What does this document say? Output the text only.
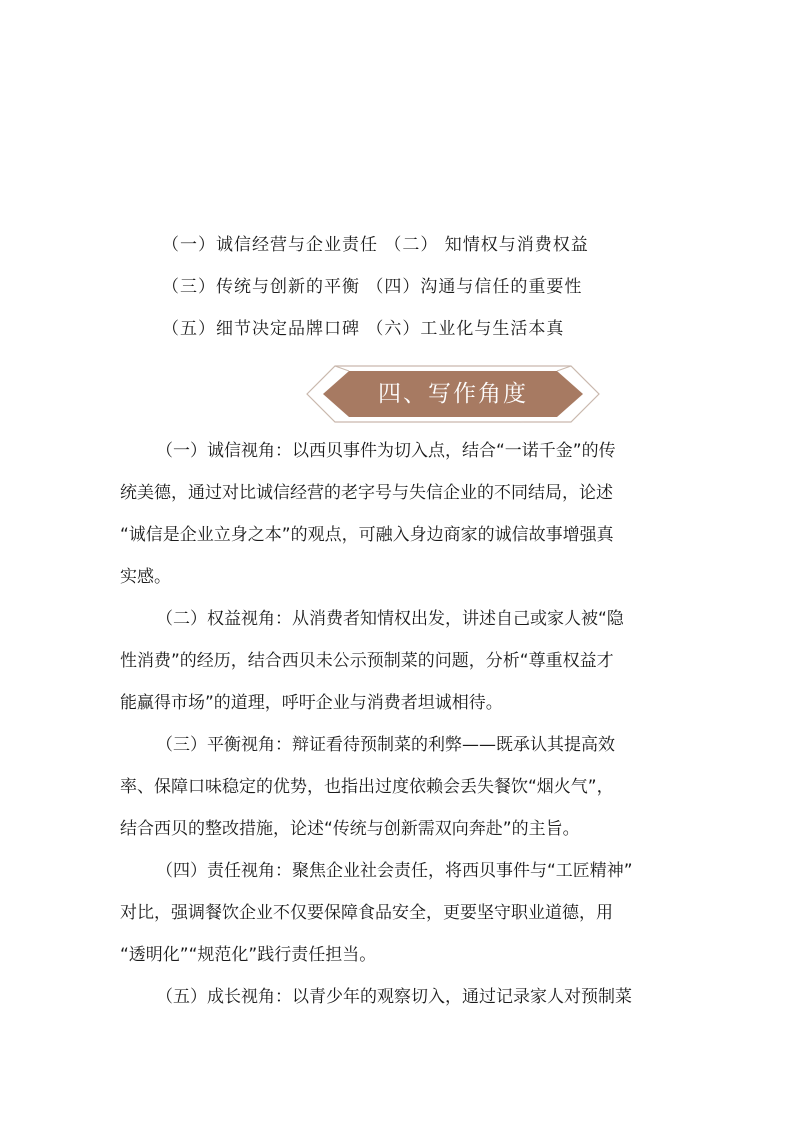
（一）诚信经营与企业责任 （二） 知情权与消费权益
（三）传统与创新的平衡 （四）沟通与信任的重要性
（五）细节决定品牌口碑 （六）工业化与生活本真
四、写作角度
（一）诚信视角：以西贝事件为切入点，结合“一诺千金”的传
统美德，通过对比诚信经营的老字号与失信企业的不同结局，论述
“诚信是企业立身之本”的观点，可融入身边商家的诚信故事增强真
实感。
（二）权益视角：从消费者知情权出发，讲述自己或家人被“隐
性消费”的经历，结合西贝未公示预制菜的问题，分析“尊重权益才
能赢得市场”的道理，呼吁企业与消费者坦诚相待。
（三）平衡视角：辩证看待预制菜的利弊——既承认其提高效
率、保障口味稳定的优势，也指出过度依赖会丢失餐饮“烟火气”，
结合西贝的整改措施，论述“传统与创新需双向奔赴”的主旨。
（四）责任视角：聚焦企业社会责任，将西贝事件与“工匠精神”
对比，强调餐饮企业不仅要保障食品安全，更要坚守职业道德，用
“透明化”“规范化”践行责任担当。
（五）成长视角：以青少年的观察切入，通过记录家人对预制菜
